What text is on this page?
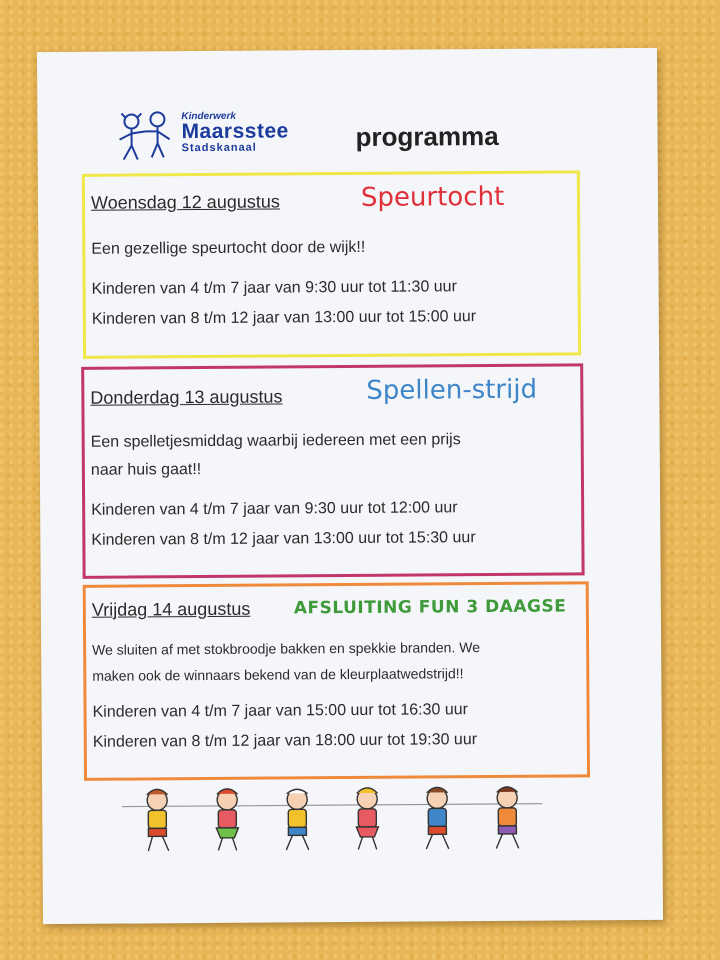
Kinderwerk
Maarsstee
Stadskanaal	programma
Woensdag 12 augustus	Speurtocht
Een gezellige speurtocht door de wijk!!
Kinderen van 4 t/m 7 jaar van 9:30 uur tot 11:30 uur
Kinderen van 8 t/m 12 jaar van 13:00 uur tot 15:00 uur
Donderdag 13 augustus	Spellen-strijd
Een spelletjesmiddag waarbij iedereen met een prijs
naar huis gaat!!
Kinderen van 4 t/m 7 jaar van 9:30 uur tot 12:00 uur
Kinderen van 8 t/m 12 jaar van 13:00 uur tot 15:30 uur
Vrijdag 14 augustus	AFSLUITING FUN 3 DAAGSE
We sluiten af met stokbroodje bakken en spekkie branden. We
maken ook de winnaars bekend van de kleurplaatwedstrijd!!
Kinderen van 4 t/m 7 jaar van 15:00 uur tot 16:30 uur
Kinderen van 8 t/m 12 jaar van 18:00 uur tot 19:30 uur
